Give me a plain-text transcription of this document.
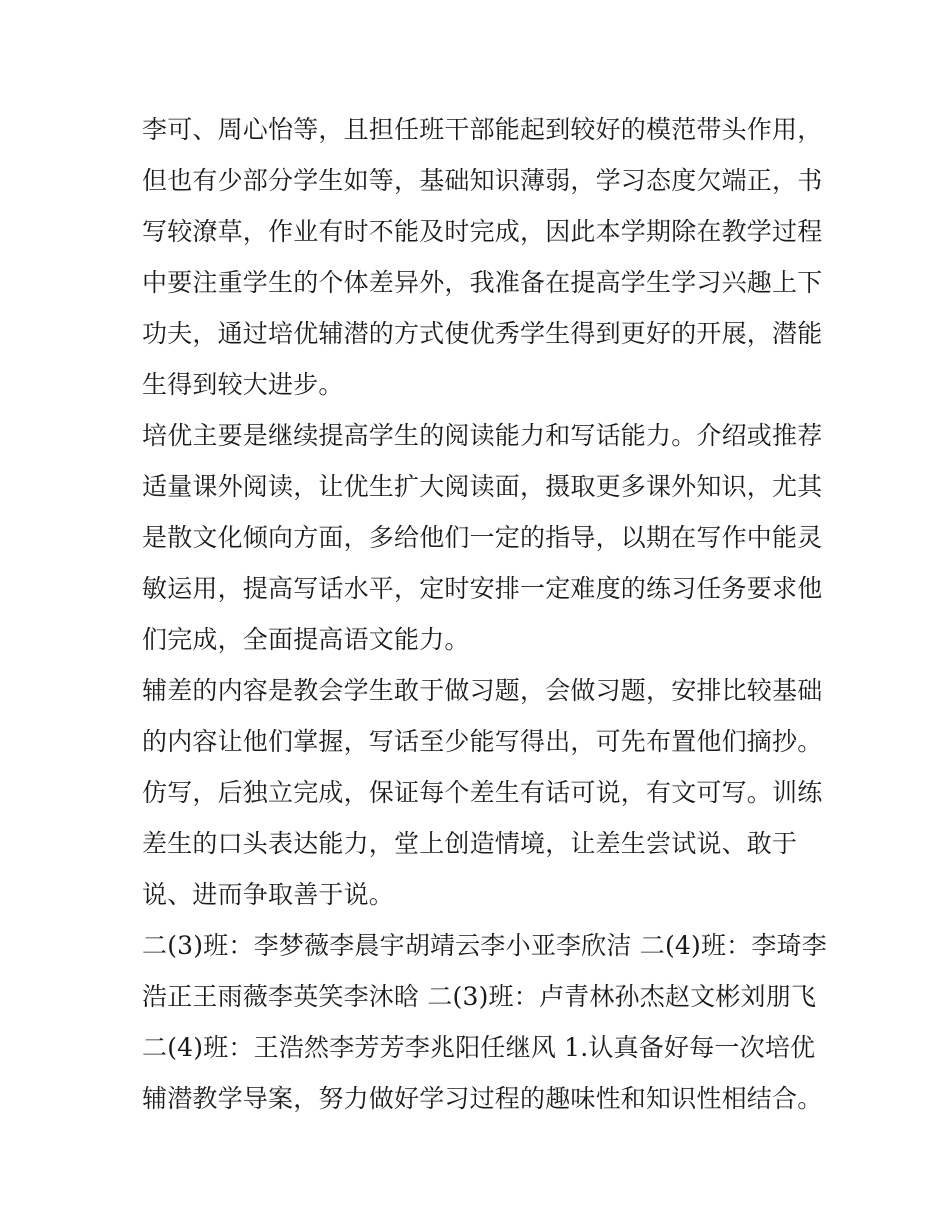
李可、周心怡等，且担任班干部能起到较好的模范带头作用，
但也有少部分学生如等，基础知识薄弱，学习态度欠端正，书
写较潦草，作业有时不能及时完成，因此本学期除在教学过程
中要注重学生的个体差异外，我准备在提高学生学习兴趣上下
功夫，通过培优辅潜的方式使优秀学生得到更好的开展，潜能
生得到较大进步。
培优主要是继续提高学生的阅读能力和写话能力。介绍或推荐
适量课外阅读，让优生扩大阅读面，摄取更多课外知识，尤其
是散文化倾向方面，多给他们一定的指导，以期在写作中能灵
敏运用，提高写话水平，定时安排一定难度的练习任务要求他
们完成，全面提高语文能力。
辅差的内容是教会学生敢于做习题，会做习题，安排比较基础
的内容让他们掌握，写话至少能写得出，可先布置他们摘抄。
仿写，后独立完成，保证每个差生有话可说，有文可写。训练
差生的口头表达能力，堂上创造情境，让差生尝试说、敢于
说、进而争取善于说。
二(3)班：李梦薇李晨宇胡靖云李小亚李欣洁 二(4)班：李琦李
浩正王雨薇李英笑李沐晗 二(3)班：卢青林孙杰赵文彬刘朋飞
二(4)班：王浩然李芳芳李兆阳任继风 1.认真备好每一次培优
辅潜教学导案，努力做好学习过程的趣味性和知识性相结合。
